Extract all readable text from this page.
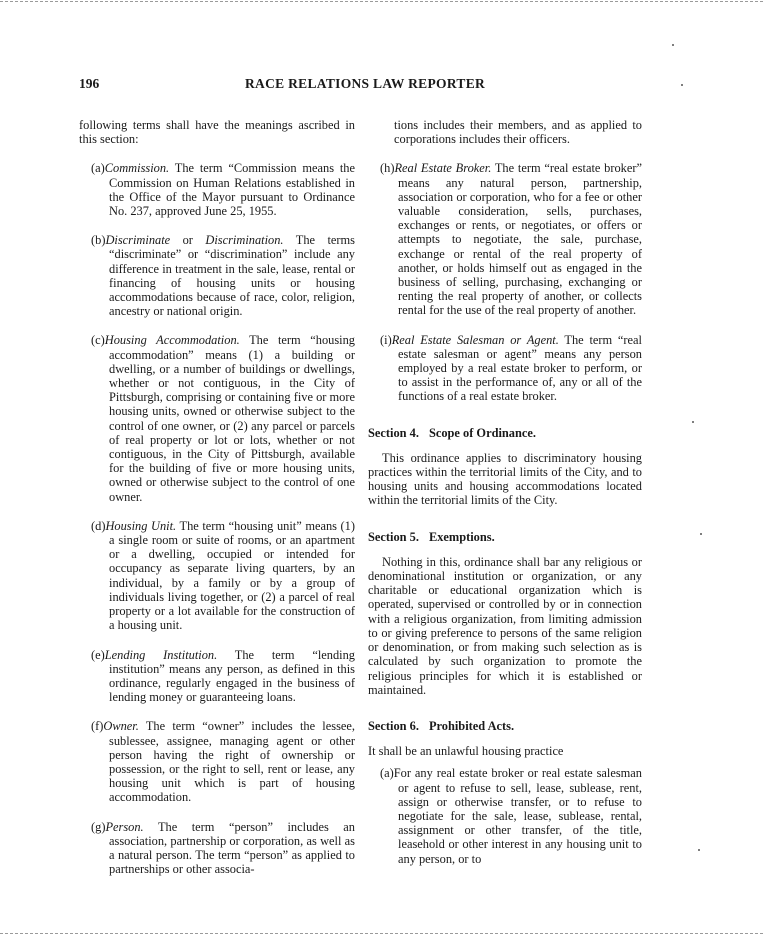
196	RACE RELATIONS LAW REPORTER

following terms shall have the meanings ascribed in this section:

(a)Commission. The term “Commission means the Commission on Human Relations established in the Office of the Mayor pursuant to Ordinance No. 237, approved June 25, 1955.
(b)Discriminate or Discrimination. The terms “discriminate” or “discrimination” include any difference in treatment in the sale, lease, rental or financing of housing units or housing accommodations because of race, color, religion, ancestry or national origin.
(c)Housing Accommodation. The term “housing accommodation” means (1) a building or dwelling, or a number of buildings or dwellings, whether or not contiguous, in the City of Pittsburgh, comprising or containing five or more housing units, owned or otherwise subject to the control of one owner, or (2) any parcel or parcels of real property or lot or lots, whether or not contiguous, in the City of Pittsburgh, available for the building of five or more housing units, owned or otherwise subject to the control of one owner.
(d)Housing Unit. The term “housing unit” means (1) a single room or suite of rooms, or an apartment or a dwelling, occupied or intended for occupancy as separate living quarters, by an individual, by a family or by a group of individuals living together, or (2) a parcel of real property or a lot available for the construction of a housing unit.
(e)Lending Institution. The term “lending institution” means any person, as defined in this ordinance, regularly engaged in the business of lending money or guaranteeing loans.
(f)Owner. The term “owner” includes the lessee, sublessee, assignee, managing agent or other person having the right of ownership or possession, or the right to sell, rent or lease, any housing unit which is part of housing accommodation.
(g)Person. The term “person” includes an association, partnership or corporation, as well as a natural person. The term “person” as applied to partnerships or other associa-
tions includes their members, and as applied to corporations includes their officers.
(h)Real Estate Broker. The term “real estate broker” means any natural person, partnership, association or corporation, who for a fee or other valuable consideration, sells, purchases, exchanges or rents, or negotiates, or offers or attempts to negotiate, the sale, purchase, exchange or rental of the real property of another, or holds himself out as engaged in the business of selling, purchasing, exchanging or renting the real property of another, or collects rental for the use of the real property of another.
(i)Real Estate Salesman or Agent. The term “real estate salesman or agent” means any person employed by a real estate broker to perform, or to assist in the performance of, any or all of the functions of a real estate broker.
Section 4. Scope of Ordinance.

This ordinance applies to discriminatory housing practices within the territorial limits of the City, and to housing units and housing accommodations located within the territorial limits of the City.

Section 5. Exemptions.

Nothing in this, ordinance shall bar any religious or denominational institution or organization, or any charitable or educational organization which is operated, supervised or controlled by or in connection with a religious organization, from limiting admission to or giving preference to persons of the same religion or denomination, or from making such selection as is calculated by such organization to promote the religious principles for which it is established or maintained.

Section 6. Prohibited Acts.

It shall be an unlawful housing practice

(a)For any real estate broker or real estate salesman or agent to refuse to sell, lease, sublease, rent, assign or otherwise transfer, or to refuse to negotiate for the sale, lease, sublease, rental, assignment or other transfer, of the title, leasehold or other interest in any housing unit to any person, or to
